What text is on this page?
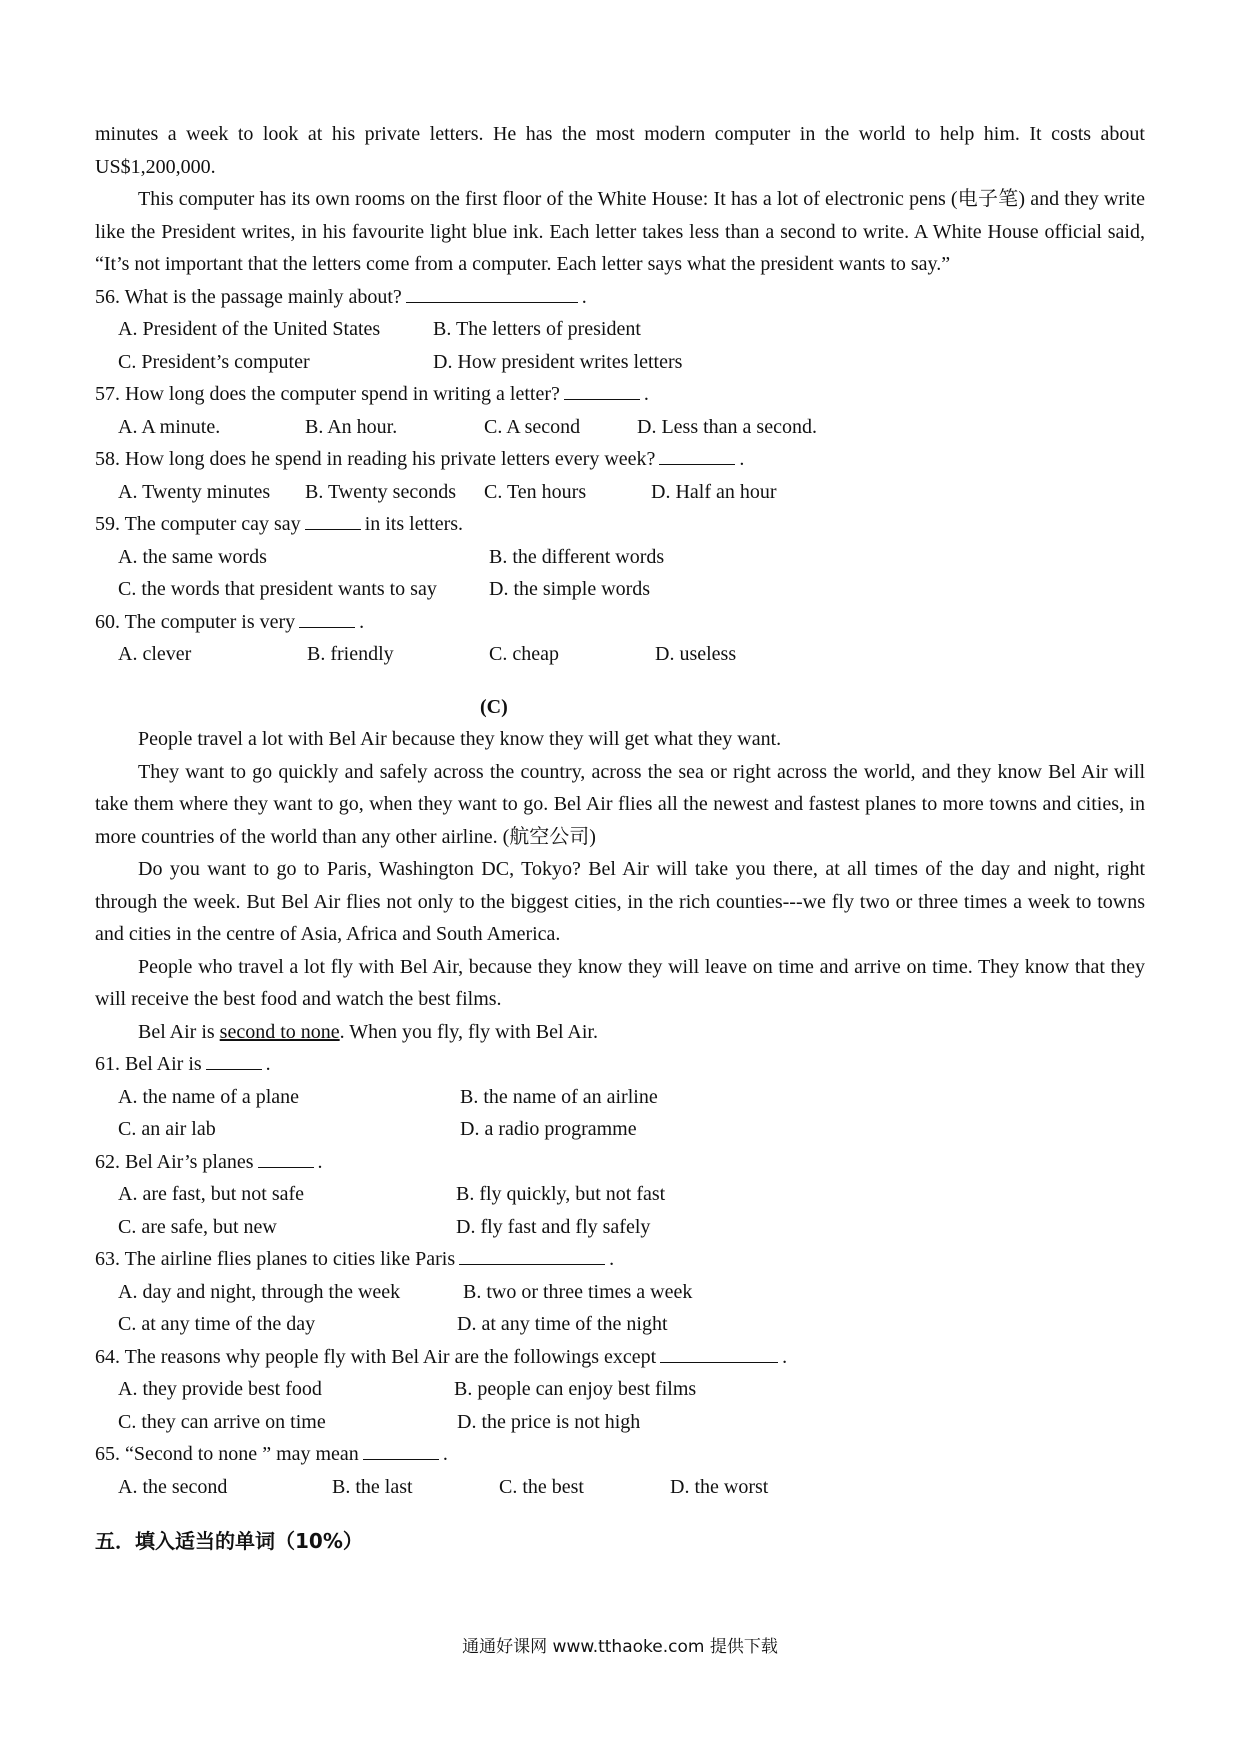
minutes a week to look at his private letters. He has the most modern computer in the world to help him. It costs about US$1,200,000.

This computer has its own rooms on the first floor of the White House: It has a lot of electronic pens (电子笔) and they write like the President writes, in his favourite light blue ink. Each letter takes less than a second to write. A White House official said, “It’s not important that the letters come from a computer. Each letter says what the president wants to say.”

56. What is the passage mainly about?	.

A. President of the United States	B. The letters of president
C. President’s computer	D. How president writes letters

57. How long does the computer spend in writing a letter?	.

A. A minute.	B. An hour.	C. A second	D. Less than a second.

58. How long does he spend in reading his private letters every week?	.

A. Twenty minutes B. Twenty seconds C. Ten hours	D. Half an hour

59. The computer cay say	in its letters.

A. the same words	B. the different words
C. the words that president wants to say	D. the simple words

60. The computer is very	.

A. clever	B. friendly	C. cheap	D. useless

(C)

People travel a lot with Bel Air because they know they will get what they want.

They want to go quickly and safely across the country, across the sea or right across the world, and they know Bel Air will take them where they want to go, when they want to go. Bel Air flies all the newest and fastest planes to more towns and cities, in more countries of the world than any other airline. (航空公司)

Do you want to go to Paris, Washington DC, Tokyo? Bel Air will take you there, at all times of the day and night, right through the week. But Bel Air flies not only to the biggest cities, in the rich counties---we fly two or three times a week to towns and cities in the centre of Asia, Africa and South America.

People who travel a lot fly with Bel Air, because they know they will leave on time and arrive on time. They know that they will receive the best food and watch the best films.

Bel Air is second to none. When you fly, fly with Bel Air.

61. Bel Air is	.

A. the name of a plane	B. the name of an airline
C. an air lab	D. a radio programme

62. Bel Air’s planes	.

A. are fast, but not safe	B. fly quickly, but not fast
C. are safe, but new	D. fly fast and fly safely

63. The airline flies planes to cities like Paris	.

A. day and night, through the week	B. two or three times a week
C. at any time of the day	D. at any time of the night

64. The reasons why people fly with Bel Air are the followings except	.

A. they provide best food	B. people can enjoy best films
C. they can arrive on time	D. the price is not high

65. “Second to none ” may mean	.

A. the second	B. the last	C. the best	D. the worst

五．填入适当的单词（10%）

通通好课网 www.tthaoke.com 提供下载
